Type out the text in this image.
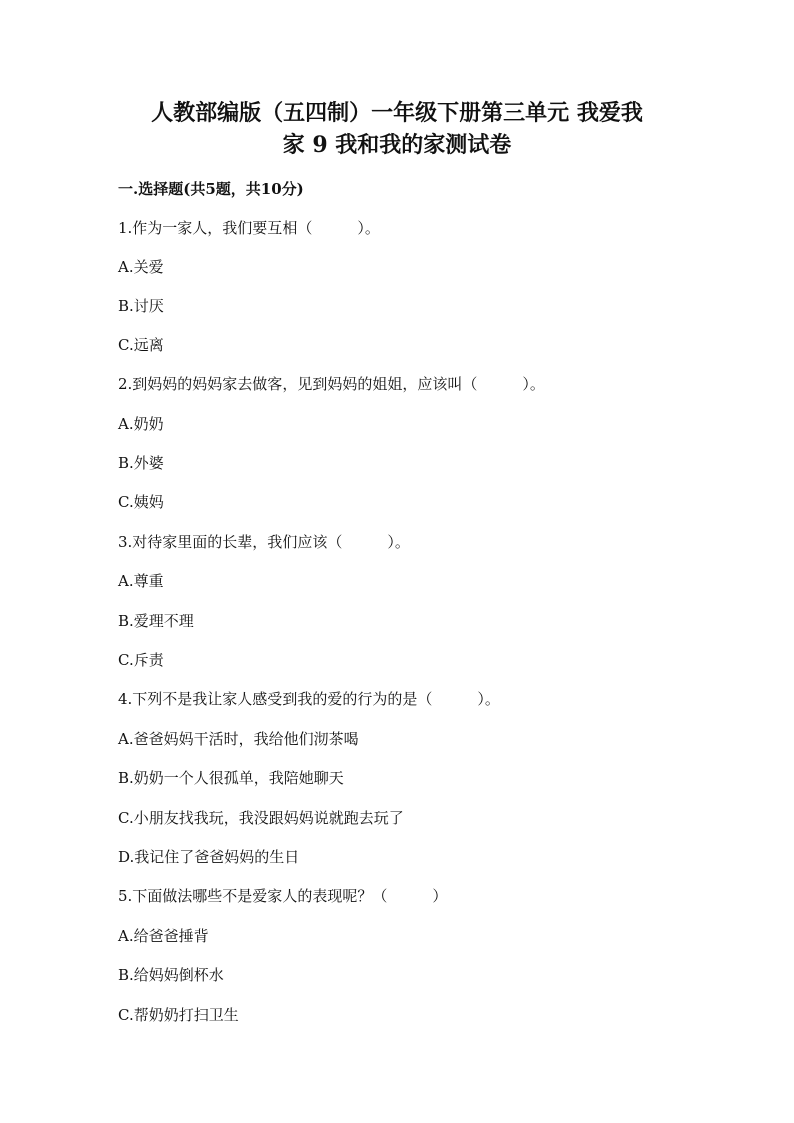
人教部编版（五四制）一年级下册第三单元 我爱我
家 9 我和我的家测试卷
一.选择题(共5题，共10分)
1.作为一家人，我们要互相（　　　）。
A.关爱
B.讨厌
C.远离
2.到妈妈的妈妈家去做客，见到妈妈的姐姐，应该叫（　　　）。
A.奶奶
B.外婆
C.姨妈
3.对待家里面的长辈，我们应该（　　　）。
A.尊重
B.爱理不理
C.斥责
4.下列不是我让家人感受到我的爱的行为的是（　　　）。
A.爸爸妈妈干活时，我给他们沏茶喝
B.奶奶一个人很孤单，我陪她聊天
C.小朋友找我玩，我没跟妈妈说就跑去玩了
D.我记住了爸爸妈妈的生日
5.下面做法哪些不是爱家人的表现呢？（　　　）
A.给爸爸捶背
B.给妈妈倒杯水
C.帮奶奶打扫卫生
